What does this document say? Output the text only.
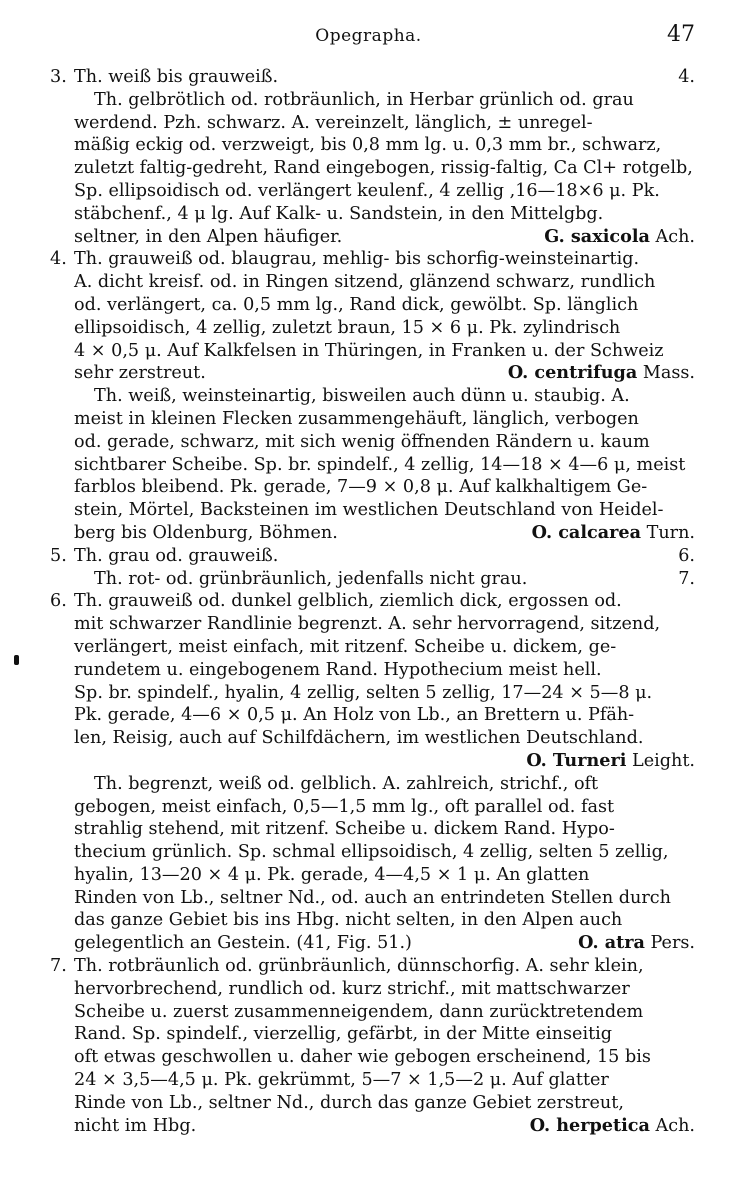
Opegrapha.	47
3. Th. weiß bis grauweiß.	4.
Th. gelbrötlich od. rotbräunlich, in Herbar grünlich od. grau
werdend. Pzh. schwarz. A. vereinzelt, länglich, ± unregel-
mäßig eckig od. verzweigt, bis 0,8 mm lg. u. 0,3 mm br., schwarz,
zuletzt faltig-gedreht, Rand eingebogen, rissig-faltig, Ca Cl+ rotgelb,
Sp. ellipsoidisch od. verlängert keulenf., 4 zellig ,16—18×6 μ. Pk.
stäbchenf., 4 μ lg. Auf Kalk- u. Sandstein, in den Mittelgbg.
seltner, in den Alpen häufiger.	G. saxicola Ach.
4. Th. grauweiß od. blaugrau, mehlig- bis schorfig-weinsteinartig.
A. dicht kreisf. od. in Ringen sitzend, glänzend schwarz, rundlich
od. verlängert, ca. 0,5 mm lg., Rand dick, gewölbt. Sp. länglich
ellipsoidisch, 4 zellig, zuletzt braun, 15 × 6 μ. Pk. zylindrisch
4 × 0,5 μ. Auf Kalkfelsen in Thüringen, in Franken u. der Schweiz
sehr zerstreut.	O. centrifuga Mass.
Th. weiß, weinsteinartig, bisweilen auch dünn u. staubig. A.
meist in kleinen Flecken zusammengehäuft, länglich, verbogen
od. gerade, schwarz, mit sich wenig öffnenden Rändern u. kaum
sichtbarer Scheibe. Sp. br. spindelf., 4 zellig, 14—18 × 4—6 μ, meist
farblos bleibend. Pk. gerade, 7—9 × 0,8 μ. Auf kalkhaltigem Ge-
stein, Mörtel, Backsteinen im westlichen Deutschland von Heidel-
berg bis Oldenburg, Böhmen.	O. calcarea Turn.
5. Th. grau od. grauweiß.	6.
Th. rot- od. grünbräunlich, jedenfalls nicht grau.	7.
6. Th. grauweiß od. dunkel gelblich, ziemlich dick, ergossen od.
mit schwarzer Randlinie begrenzt. A. sehr hervorragend, sitzend,
verlängert, meist einfach, mit ritzenf. Scheibe u. dickem, ge-
rundetem u. eingebogenem Rand. Hypothecium meist hell.
Sp. br. spindelf., hyalin, 4 zellig, selten 5 zellig, 17—24 × 5—8 μ.
Pk. gerade, 4—6 × 0,5 μ. An Holz von Lb., an Brettern u. Pfäh-
len, Reisig, auch auf Schilfdächern, im westlichen Deutschland.
O. Turneri Leight.
Th. begrenzt, weiß od. gelblich. A. zahlreich, strichf., oft
gebogen, meist einfach, 0,5—1,5 mm lg., oft parallel od. fast
strahlig stehend, mit ritzenf. Scheibe u. dickem Rand. Hypo-
thecium grünlich. Sp. schmal ellipsoidisch, 4 zellig, selten 5 zellig,
hyalin, 13—20 × 4 μ. Pk. gerade, 4—4,5 × 1 μ. An glatten
Rinden von Lb., seltner Nd., od. auch an entrindeten Stellen durch
das ganze Gebiet bis ins Hbg. nicht selten, in den Alpen auch
gelegentlich an Gestein. (41, Fig. 51.)	O. atra Pers.
7. Th. rotbräunlich od. grünbräunlich, dünnschorfig. A. sehr klein,
hervorbrechend, rundlich od. kurz strichf., mit mattschwarzer
Scheibe u. zuerst zusammenneigendem, dann zurücktretendem
Rand. Sp. spindelf., vierzellig, gefärbt, in der Mitte einseitig
oft etwas geschwollen u. daher wie gebogen erscheinend, 15 bis
24 × 3,5—4,5 μ. Pk. gekrümmt, 5—7 × 1,5—2 μ. Auf glatter
Rinde von Lb., seltner Nd., durch das ganze Gebiet zerstreut,
nicht im Hbg.	O. herpetica Ach.
